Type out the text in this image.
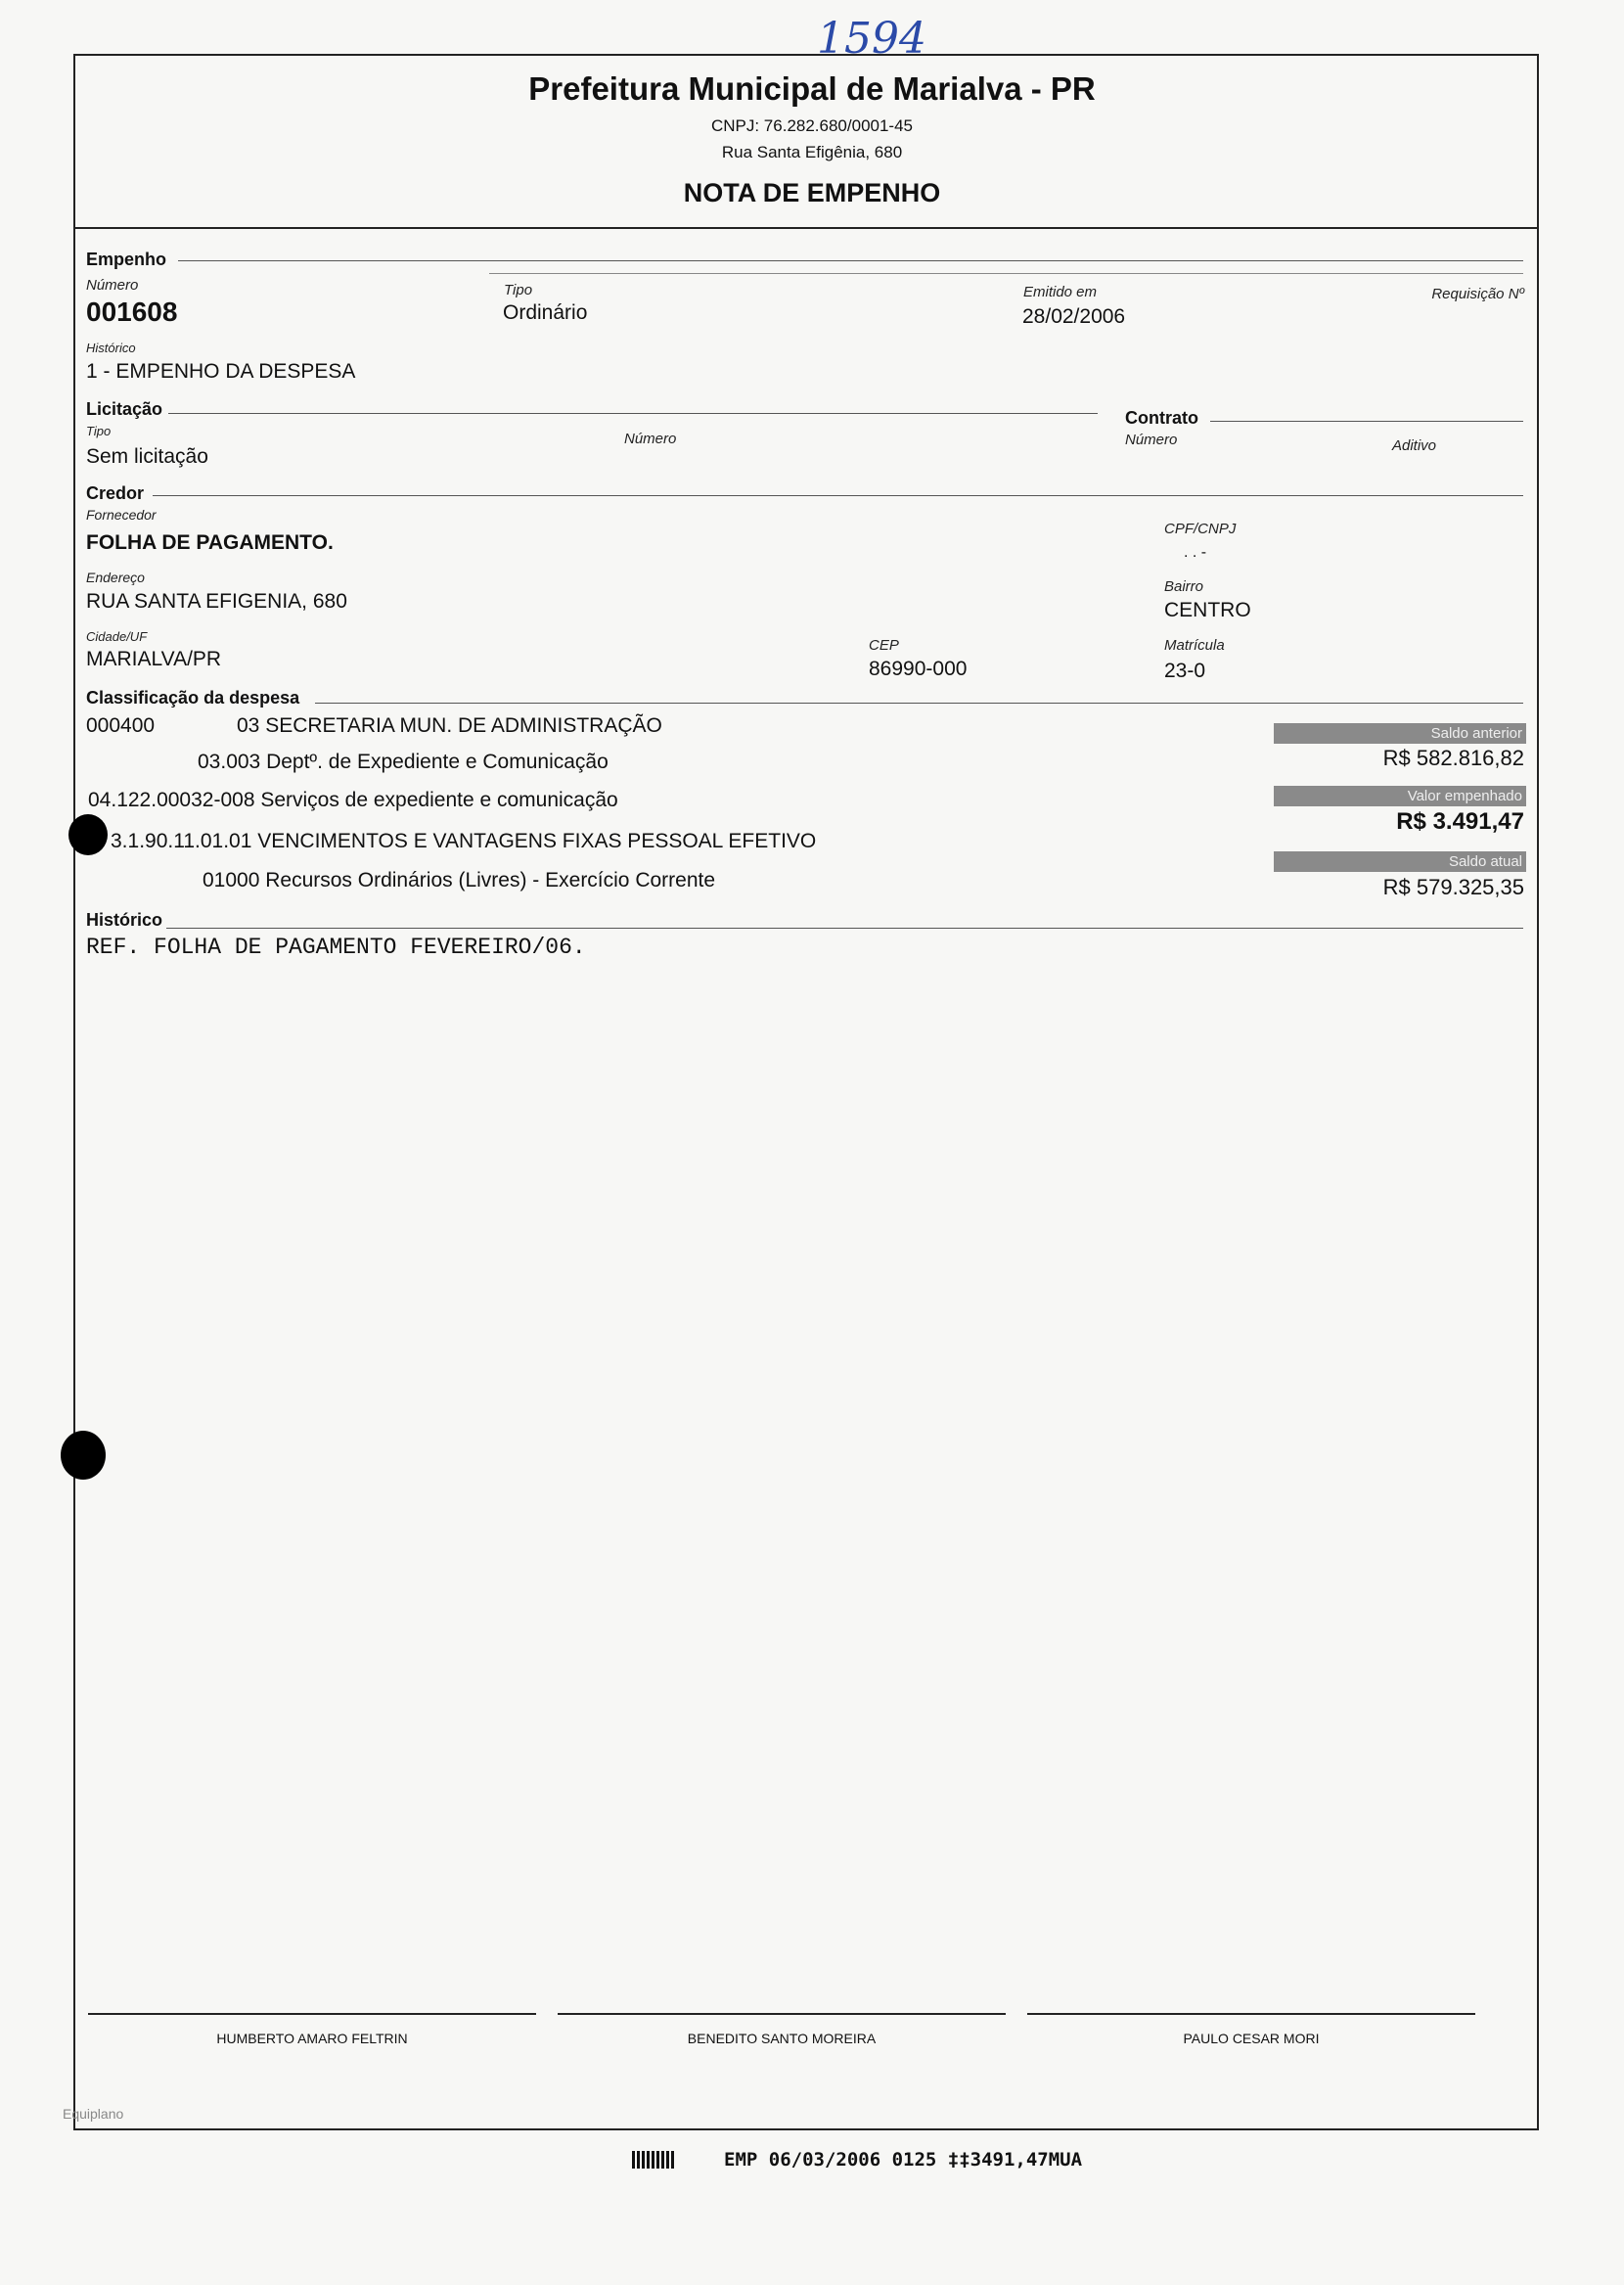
1594
Prefeitura Municipal de Marialva - PR
CNPJ: 76.282.680/0001-45
Rua Santa Efigênia, 680
NOTA DE EMPENHO
Empenho
Número
001608
Tipo
Ordinário
Emitido em
28/02/2006
Requisição Nº
Histórico
1 - EMPENHO DA DESPESA
Licitação	Contrato
Tipo
Sem licitação
Número	Número	Aditivo
Credor
Fornecedor
FOLHA DE PAGAMENTO.
CPF/CNPJ
. . -
Endereço
RUA SANTA EFIGENIA, 680
Bairro
CENTRO
Cidade/UF
MARIALVA/PR
CEP
86990-000
Matrícula
23-0
Classificação da despesa
000400	03 SECRETARIA MUN. DE ADMINISTRAÇÃO
03.003 Deptº. de Expediente e Comunicação
04.122.00032-008 Serviços de expediente e comunicação
3.1.90.11.01.01 VENCIMENTOS E VANTAGENS FIXAS PESSOAL EFETIVO
01000 Recursos Ordinários (Livres) - Exercício Corrente
Saldo anterior
R$ 582.816,82
Valor empenhado
R$ 3.491,47
Saldo atual
R$ 579.325,35
Histórico
REF. FOLHA DE PAGAMENTO FEVEREIRO/06.
HUMBERTO AMARO FELTRIN	BENEDITO SANTO MOREIRA	PAULO CESAR MORI
Equiplano
EMP 06/03/2006 0125 ‡‡3491,47MUA
